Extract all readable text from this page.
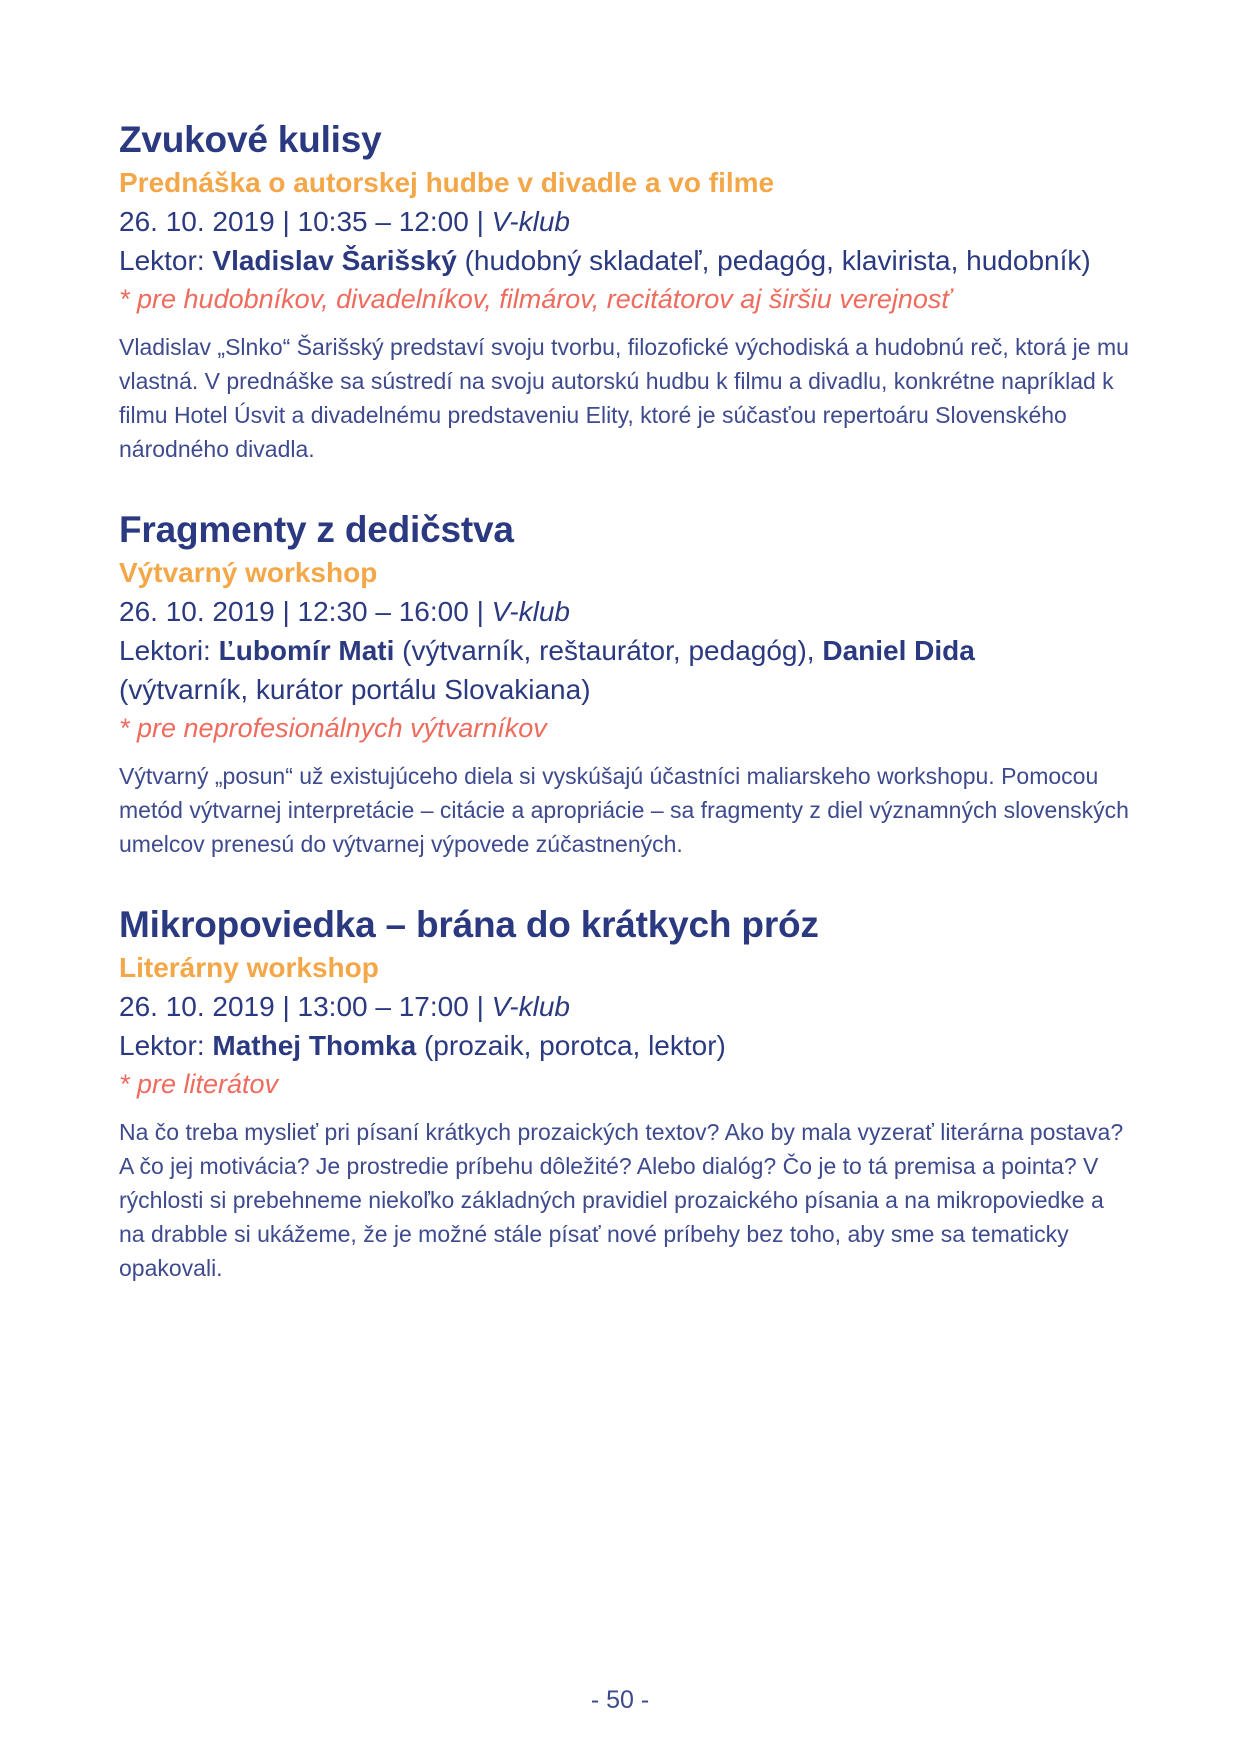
Zvukové kulisy

Prednáška o autorskej hudbe v divadle a vo filme

26. 10. 2019 | 10:35 – 12:00 | V-klub

Lektor: Vladislav Šarišský (hudobný skladateľ, pedagóg, klavirista, hudobník)

* pre hudobníkov, divadelníkov, filmárov, recitátorov aj širšiu verejnosť

Vladislav „Slnko“ Šarišský predstaví svoju tvorbu, filozofické východiská a hudobnú reč, ktorá je mu vlastná. V prednáške sa sústredí na svoju autorskú hudbu k filmu a divadlu, konkrétne napríklad k filmu Hotel Úsvit a divadelnému predstaveniu Elity, ktoré je súčasťou repertoáru Slovenského národného divadla.

Fragmenty z dedičstva

Výtvarný workshop

26. 10. 2019 | 12:30 – 16:00 | V-klub

Lektori: Ľubomír Mati (výtvarník, reštaurátor, pedagóg), Daniel Dida
(výtvarník, kurátor portálu Slovakiana)

* pre neprofesionálnych výtvarníkov

Výtvarný „posun“ už existujúceho diela si vyskúšajú účastníci maliarskeho workshopu. Pomocou metód výtvarnej interpretácie – citácie a apropriácie – sa fragmenty z diel významných slovenských umelcov prenesú do výtvarnej výpovede zúčastnených.

Mikropoviedka – brána do krátkych próz

Literárny workshop

26. 10. 2019 | 13:00 – 17:00 | V-klub

Lektor: Mathej Thomka (prozaik, porotca, lektor)

* pre literátov

Na čo treba myslieť pri písaní krátkych prozaických textov? Ako by mala vyzerať literárna postava? A čo jej motivácia? Je prostredie príbehu dôležité? Alebo dialóg? Čo je to tá premisa a pointa? V rýchlosti si prebehneme niekoľko základných pravidiel prozaického písania a na mikropoviedke a na drabble si ukážeme, že je možné stále písať nové príbehy bez toho, aby sme sa tematicky opakovali.

- 50 -
